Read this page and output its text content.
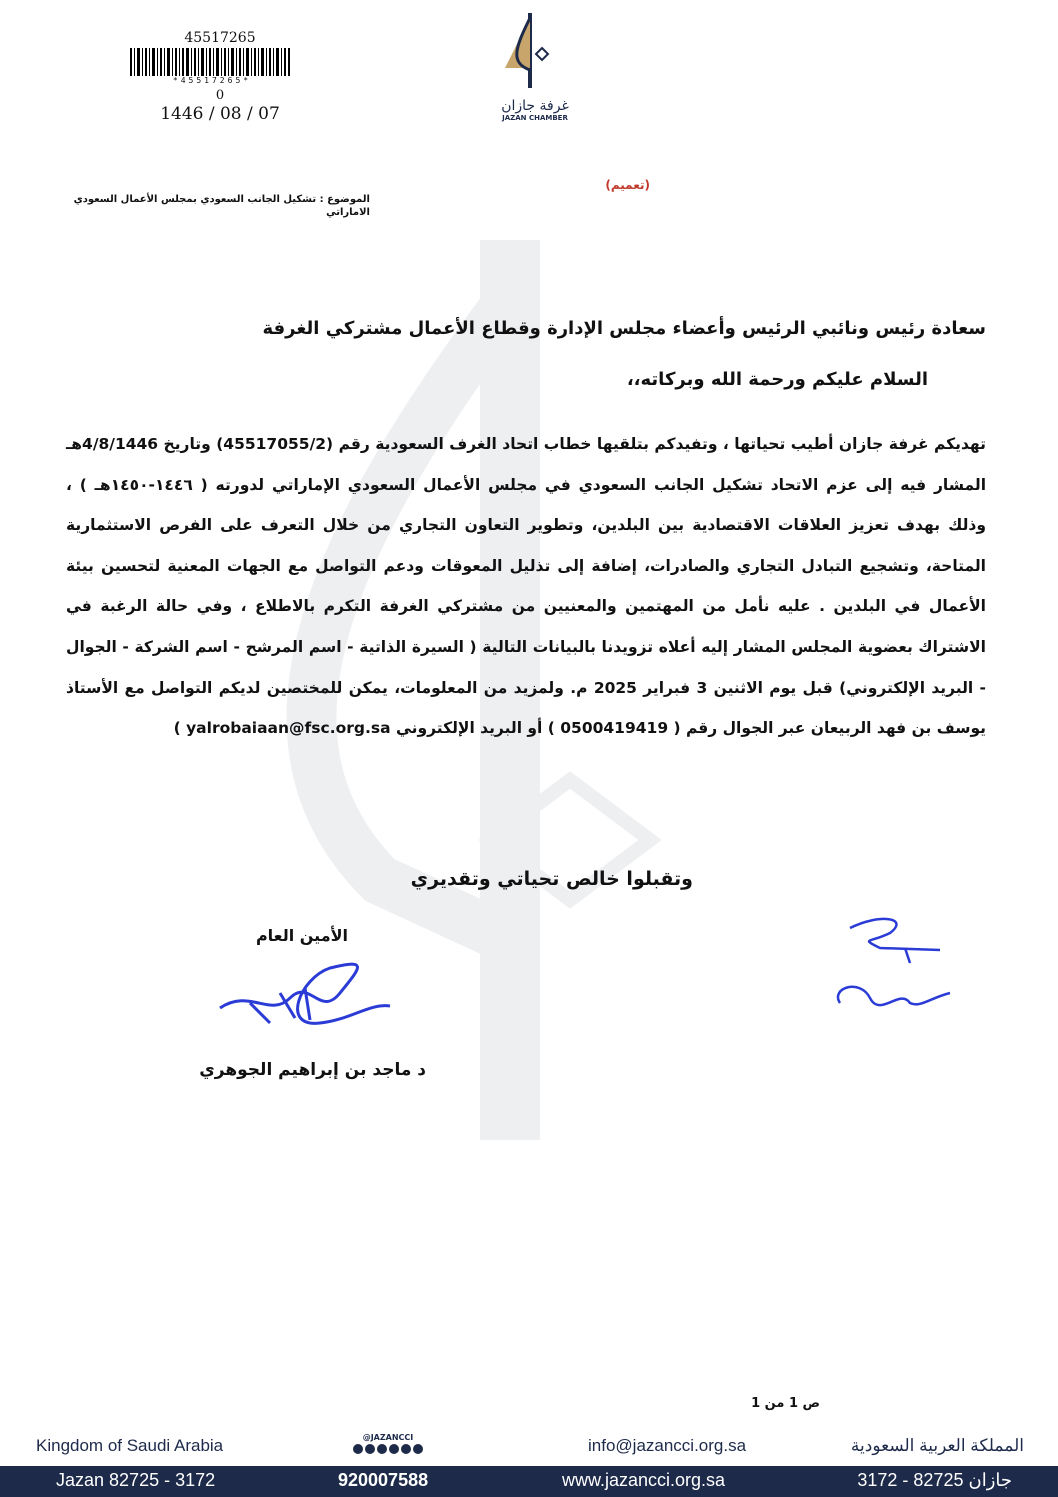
45517265
*45517265*
0
1446 / 08 / 07	غرفة جازان
JAZAN CHAMBER
(تعميم)
الموضوع : تشكيل الجانب السعودي بمجلس الأعمال السعودي الاماراتي
سعادة رئيس ونائبي الرئيس وأعضاء مجلس الإدارة وقطاع الأعمال مشتركي الغرفة
السلام عليكم ورحمة الله وبركاته،،
تهديكم غرفة جازان أطيب تحياتها ، وتفيدكم بتلقيها خطاب اتحاد الغرف السعودية رقم (45517055/2) وتاريخ 4/8/1446هـ المشار فيه إلى عزم الاتحاد تشكيل الجانب السعودي في مجلس الأعمال السعودي الإماراتي لدورته ( ١٤٤٦-١٤٥٠هـ ) ، وذلك بهدف تعزيز العلاقات الاقتصادية بين البلدين، وتطوير التعاون التجاري من خلال التعرف على الفرص الاستثمارية المتاحة، وتشجيع التبادل التجاري والصادرات، إضافة إلى تذليل المعوقات ودعم التواصل مع الجهات المعنية لتحسين بيئة الأعمال في البلدين . عليه نأمل من المهتمين والمعنيين من مشتركي الغرفة التكرم بالاطلاع ، وفي حالة الرغبة في الاشتراك بعضوية المجلس المشار إليه أعلاه تزويدنا بالبيانات التالية ( السيرة الذاتية - اسم المرشح - اسم الشركة - الجوال - البريد الإلكتروني) قبل يوم الاثنين 3 فبراير 2025 م. ولمزيد من المعلومات، يمكن للمختصين لديكم التواصل مع الأستاذ يوسف بن فهد الربيعان عبر الجوال رقم ( 0500419419 ) أو البريد الإلكتروني yalrobaiaan@fsc.org.sa )
وتقبلوا خالص تحياتي وتقديري
الأمين العام
د ماجد بن إبراهيم الجوهري
ص 1 من 1
Kingdom of Saudi Arabia	@JAZANCCI	info@jazancci.org.sa	المملكة العربية السعودية
Jazan 82725 - 3172	920007588	www.jazancci.org.sa	جازان 82725 - 3172
